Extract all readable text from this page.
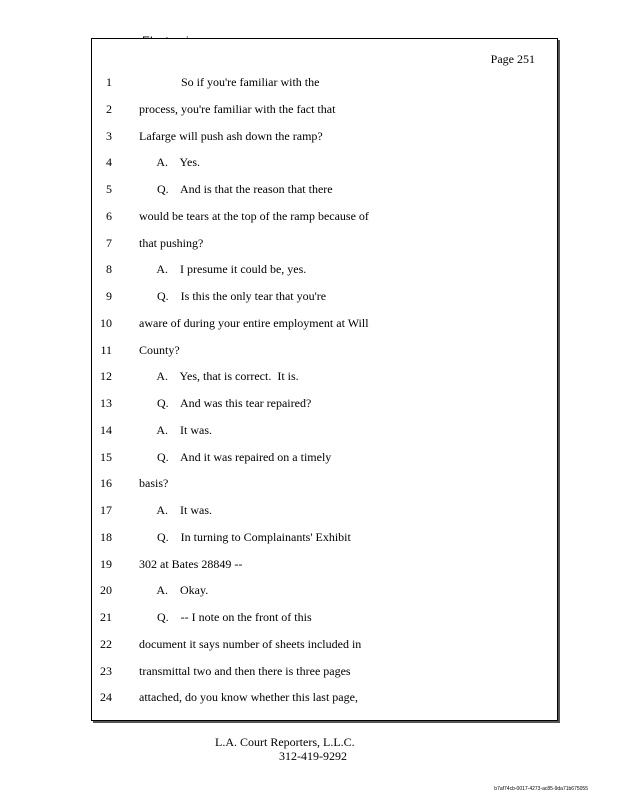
Page 251
1 So if you're familiar with the
2 process, you're familiar with the fact that
3 Lafarge will push ash down the ramp?
4 A.    Yes.
5 Q.    And is that the reason that there
6 would be tears at the top of the ramp because of
7 that pushing?
8 A.    I presume it could be, yes.
9 Q.    Is this the only tear that you're
10 aware of during your entire employment at Will
11 County?
12 A.    Yes, that is correct.  It is.
13 Q.    And was this tear repaired?
14 A.    It was.
15 Q.    And it was repaired on a timely
16 basis?
17 A.    It was.
18 Q.    In turning to Complainants' Exhibit
19 302 at Bates 28849 --
20 A.    Okay.
21 Q.    -- I note on the front of this
22 document it says number of sheets included in
23 transmittal two and then there is three pages
24 attached, do you know whether this last page,
L.A. Court Reporters, L.L.C.
312-419-9292
b7af74cb-0017-4273-ac85-9da71b675055
